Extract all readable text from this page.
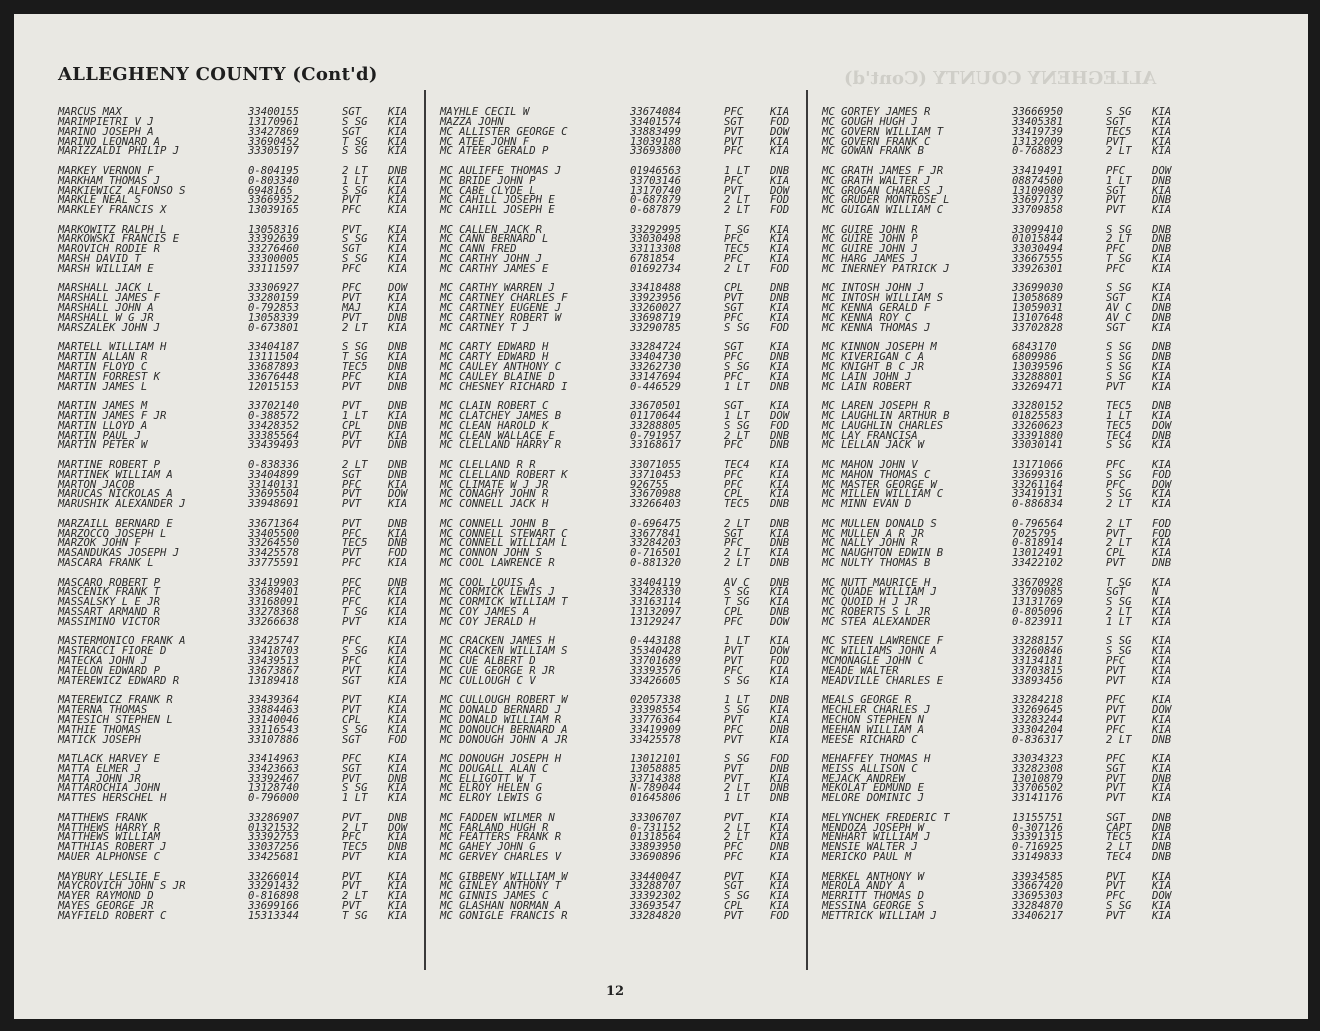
ALLEGHENY COUNTY (Cont'd)
ALLEGHENY COUNTY (Cont'd)
MARCUS MAX	33400155	SGT	KIA
MARIMPIETRI V J	13170961	S SG KIA
MARINO JOSEPH A	33427869	SGT	KIA
MARINO LEONARD A	33690452	T SG KIA
MARIZZALDI PHILIP J	33305197	S SG KIA
MARKEY VERNON F	0-804195	2 LT DNB
MARKHAM THOMAS J	0-803340	1 LT KIA
MARKIEWICZ ALFONSO S	6948165	S SG KIA
MARKLE NEAL S	33669352	PVT	KIA
MARKLEY FRANCIS X	13039165	PFC	KIA
MARKOWITZ RALPH L	13058316	PVT	KIA
MARKOWSKI FRANCIS E	33392639	S SG KIA
MAROVICH RODIE R	33276460	SGT	KIA
MARSH DAVID T	33300005	S SG KIA
MARSH WILLIAM E	33111597	PFC	KIA
MARSHALL JACK L	33306927	PFC	DOW
MARSHALL JAMES F	33280159	PVT	KIA
MARSHALL JOHN A	0-792853	MAJ	KIA
MARSHALL W G JR	13058339	PVT	DNB
MARSZALEK JOHN J	0-673801	2 LT KIA
MARTELL WILLIAM H	33404187	S SG DNB
MARTIN ALLAN R	13111504	T SG KIA
MARTIN FLOYD C	33687893	TEC5 DNB
MARTIN FORREST K	33676448	PFC	KIA
MARTIN JAMES L	12015153	PVT	DNB
MARTIN JAMES M	33702140	PVT	DNB
MARTIN JAMES F JR	0-388572	1 LT KIA
MARTIN LLOYD A	33428352	CPL	DNB
MARTIN PAUL J	33385564	PVT	KIA
MARTIN PETER W	33439493	PVT	DNB
MARTINE ROBERT P	0-838336	2 LT DNB
MARTINEK WILLIAM A	33404899	SGT	DNB
MARTON JACOB	33140131	PFC	KIA
MARUCAS NICKOLAS A	33695504	PVT	DOW
MARUSHIK ALEXANDER J	33948691	PVT	KIA
MARZAILL BERNARD E	33671364	PVT	DNB
MARZOCCO JOSEPH L	33405500	PFC	KIA
MARZOK JOHN F	33264550	TEC5 DNB
MASANDUKAS JOSEPH J	33425578	PVT	FOD
MASCARA FRANK L	33775591	PFC	KIA
MASCARO ROBERT P	33419903	PFC	DNB
MASCENIK FRANK T	33689401	PFC	KIA
MASSALSKY L E JR	33168091	PFC	KIA
MASSART ARMAND R	33278368	T SG KIA
MASSIMINO VICTOR	33266638	PVT	KIA
MASTERMONICO FRANK A	33425747	PFC	KIA
MASTRACCI FIORE D	33418703	S SG KIA
MATECKA JOHN J	33439513	PFC	KIA
MATELON EDWARD P	33673867	PVT	KIA
MATEREWICZ EDWARD R	13189418	SGT	KIA
MATEREWICZ FRANK R	33439364	PVT	KIA
MATERNA THOMAS	33884463	PVT	KIA
MATESICH STEPHEN L	33140046	CPL	KIA
MATHIE THOMAS	33116543	S SG KIA
MATICK JOSEPH	33107886	SGT	FOD
MATLACK HARVEY E	33414963	PFC	KIA
MATTA ELMER J	33423663	SGT	KIA
MATTA JOHN JR	33392467	PVT	DNB
MATTAROCHIA JOHN	13128740	S SG KIA
MATTES HERSCHEL H	0-796000	1 LT KIA
MATTHEWS FRANK	33286907	PVT	DNB
MATTHEWS HARRY R	01321532	2 LT DOW
MATTHEWS WILLIAM	33392753	PFC	KIA
MATTHIAS ROBERT J	33037256	TEC5 DNB
MAUER ALPHONSE C	33425681	PVT	KIA
MAYBURY LESLIE E	33266014	PVT	KIA
MAYCROVICH JOHN S JR	33291432	PVT	KIA
MAYER RAYMOND D	0-816898	2 LT KIA
MAYES GEORGE JR	33699166	PVT	KIA
MAYFIELD ROBERT C	15313344	T SG KIA
MAYHLE CECIL W	33674084	PFC	KIA
MAZZA JOHN	33401574	SGT	FOD
MC ALLISTER GEORGE C	33883499	PVT	DOW
MC ATEE JOHN F	13039188	PVT	KIA
MC ATEER GERALD P	33693800	PFC	KIA
MC AULIFFE THOMAS J	01946563	1 LT DNB
MC BRIDE JOHN P	33703146	PFC	KIA
MC CABE CLYDE L	13170740	PVT	DOW
MC CAHILL JOSEPH E	0-687879	2 LT FOD
MC CAHILL JOSEPH E	0-687879	2 LT FOD
MC CALLEN JACK R	33292995	T SG KIA
MC CANN BERNARD L	33030498	PFC	KIA
MC CANN FRED	33113308	TEC5 KIA
MC CARTHY JOHN J	6781854	PFC	KIA
MC CARTHY JAMES E	01692734	2 LT FOD
MC CARTHY WARREN J	33418488	CPL	DNB
MC CARTNEY CHARLES F	33923956	PVT	DNB
MC CARTNEY EUGENE J	33260027	SGT	KIA
MC CARTNEY ROBERT W	33698719	PFC	KIA
MC CARTNEY T J	33290785	S SG FOD
MC CARTY EDWARD H	33284724	SGT	KIA
MC CARTY EDWARD H	33404730	PFC	DNB
MC CAULEY ANTHONY C	33262730	S SG KIA
MC CAULEY BLAINE D	33147694	PFC	KIA
MC CHESNEY RICHARD I	0-446529	1 LT DNB
MC CLAIN ROBERT C	33670501	SGT	KIA
MC CLATCHEY JAMES B	01170644	1 LT DOW
MC CLEAN HAROLD K	33288805	S SG FOD
MC CLEAN WALLACE E	0-791957	2 LT DNB
MC CLELLAND HARRY R	33168617	PFC	DNB
MC CLELLAND R R	33071055	TEC4 KIA
MC CLELLAND ROBERT K	33710453	PFC	KIA
MC CLIMATE W J JR	926755	PFC	KIA
MC CONAGHY JOHN R	33670988	CPL	KIA
MC CONNELL JACK H	33266403	TEC5 DNB
MC CONNELL JOHN B	0-696475	2 LT DNB
MC CONNELL STEWART C	33677841	SGT	KIA
MC CONNELL WILLIAM L	33284203	PFC	DNB
MC CONNON JOHN S	0-716501	2 LT KIA
MC COOL LAWRENCE R	0-881320	2 LT DNB
MC COOL LOUIS A	33404119	AV C DNB
MC CORMICK LEWIS J	33428330	S SG KIA
MC CORMICK WILLIAM T	33163114	T SG KIA
MC COY JAMES A	13132097	CPL	DNB
MC COY JERALD H	13129247	PFC	DOW
MC CRACKEN JAMES H	0-443188	1 LT KIA
MC CRACKEN WILLIAM S	35340428	PVT	DOW
MC CUE ALBERT D	33701689	PVT	FOD
MC CUE GEORGE R JR	33393576	PFC	KIA
MC CULLOUGH C V	33426605	S SG KIA
MC CULLOUGH ROBERT W	02057338	1 LT DNB
MC DONALD BERNARD J	33398554	S SG KIA
MC DONALD WILLIAM R	33776364	PVT	KIA
MC DONOUCH BERNARD A	33419909	PFC	DNB
MC DONOUGH JOHN A JR	33425578	PVT	KIA
MC DONOUGH JOSEPH H	13012101	S SG FOD
MC DOUGALL ALAN C	13058885	PVT	DNB
MC ELLIGOTT W T	33714388	PVT	KIA
MC ELROY HELEN G	N-789044	2 LT DNB
MC ELROY LEWIS G	01645806	1 LT DNB
MC FADDEN WILMER N	33306707	PVT	KIA
MC FARLAND HUGH R	0-731152	2 LT KIA
MC FEATTERS FRANK R	01318564	2 LT KIA
MC GAHEY JOHN G	33893950	PFC	DNB
MC GERVEY CHARLES V	33690896	PFC	KIA
MC GIBBENY WILLIAM W	33440047	PVT	KIA
MC GINLEY ANTHONY T	33288707	SGT	KIA
MC GINNIS JAMES C	33392302	S SG KIA
MC GLASHAN NORMAN A	33693547	CPL	KIA
MC GONIGLE FRANCIS R	33284820	PVT	FOD
MC GORTEY JAMES R	33666950	S SG KIA
MC GOUGH HUGH J	33405381	SGT	KIA
MC GOVERN WILLIAM T	33419739	TEC5 KIA
MC GOVERN FRANK C	13132009	PVT	KIA
MC GOWAN FRANK B	0-768823	2 LT KIA
MC GRATH JAMES F JR	33419491	PFC	DOW
MC GRATH WALTER J	08874500	1 LT DNB
MC GROGAN CHARLES J	13109080	SGT	KIA
MC GRUDER MONTROSE L	33697137	PVT	DNB
MC GUIGAN WILLIAM C	33709858	PVT	KIA
MC GUIRE JOHN R	33099410	S SG DNB
MC GUIRE JOHN P	01015844	2 LT DNB
MC GUIRE JOHN J	33030494	PFC	DNB
MC HARG JAMES J	33667555	T SG KIA
MC INERNEY PATRICK J	33926301	PFC	KIA
MC INTOSH JOHN J	33699030	S SG KIA
MC INTOSH WILLIAM S	13058689	SGT	KIA
MC KENNA GERALD F	13059031	AV C DNB
MC KENNA ROY C	13107648	AV C DNB
MC KENNA THOMAS J	33702828	SGT	KIA
MC KINNON JOSEPH M	6843170	S SG DNB
MC KIVERIGAN C A	6809986	S SG DNB
MC KNIGHT B C JR	13039596	S SG KIA
MC LAIN JOHN J	33288801	S SG KIA
MC LAIN ROBERT	33269471	PVT	KIA
MC LAREN JOSEPH R	33280152	TEC5 DNB
MC LAUGHLIN ARTHUR B	01825583	1 LT KIA
MC LAUGHLIN CHARLES	33260623	TEC5 DOW
MC LAY FRANCISA	33391880	TEC4 DNB
MC LELLAN JACK W	33030141	S SG KIA
MC MAHON JOHN V	13171066	PFC	KIA
MC MAHON THOMAS C	33699316	S SG FOD
MC MASTER GEORGE W	33261164	PFC	DOW
MC MILLEN WILLIAM C	33419131	S SG KIA
MC MINN EVAN D	0-886834	2 LT KIA
MC MULLEN DONALD S	0-796564	2 LT FOD
MC MULLEN A R JR	7025795	PVT	FOD
MC NALLY JOHN R	0-818914	2 LT KIA
MC NAUGHTON EDWIN B	13012491	CPL	KIA
MC NULTY THOMAS B	33422102	PVT	DNB
MC NUTT MAURICE H	33670928	T SG KIA
MC QUADE WILLIAM J	33709085	SGT	N
MC QUOID H J JR	13131769	S SG KIA
MC ROBERTS S L JR	0-805096	2 LT KIA
MC STEA ALEXANDER	0-823911	1 LT KIA
MC STEEN LAWRENCE F	33288157	S SG KIA
MC WILLIAMS JOHN A	33260846	S SG KIA
MCMONAGLE JOHN C	33134181	PFC	KIA
MEADE WALTER	33703815	PVT	KIA
MEADVILLE CHARLES E	33893456	PVT	KIA
MEALS GEORGE R	33284218	PFC	KIA
MECHLER CHARLES J	33269645	PVT	DOW
MECHON STEPHEN N	33283244	PVT	KIA
MEEHAN WILLIAM A	33304204	PFC	KIA
MEESE RICHARD C	0-836317	2 LT DNB
MEHAFFEY THOMAS H	33034323	PFC	KIA
MEISS ALLISON C	33282308	SGT	KIA
MEJACK ANDREW	13010879	PVT	DNB
MEKOLAT EDMUND E	33706502	PVT	KIA
MELORE DOMINIC J	33141176	PVT	KIA
MELYNCHEK FREDERIC T	13155751	SGT	DNB
MENDOZA JOSEPH W	0-307126	CAPT DNB
MENHART WILLIAM J	33391315	TEC5 KIA
MENSIE WALTER J	0-716925	2 LT DNB
MERICKO PAUL M	33149833	TEC4 DNB
MERKEL ANTHONY W	33934585	PVT	KIA
MEROLA ANDY A	33667420	PVT	KIA
MERRITT THOMAS D	33695303	PFC	DOW
MESSINA GEORGE S	33284870	S SG KIA
METTRICK WILLIAM J	33406217	PVT	KIA
12
